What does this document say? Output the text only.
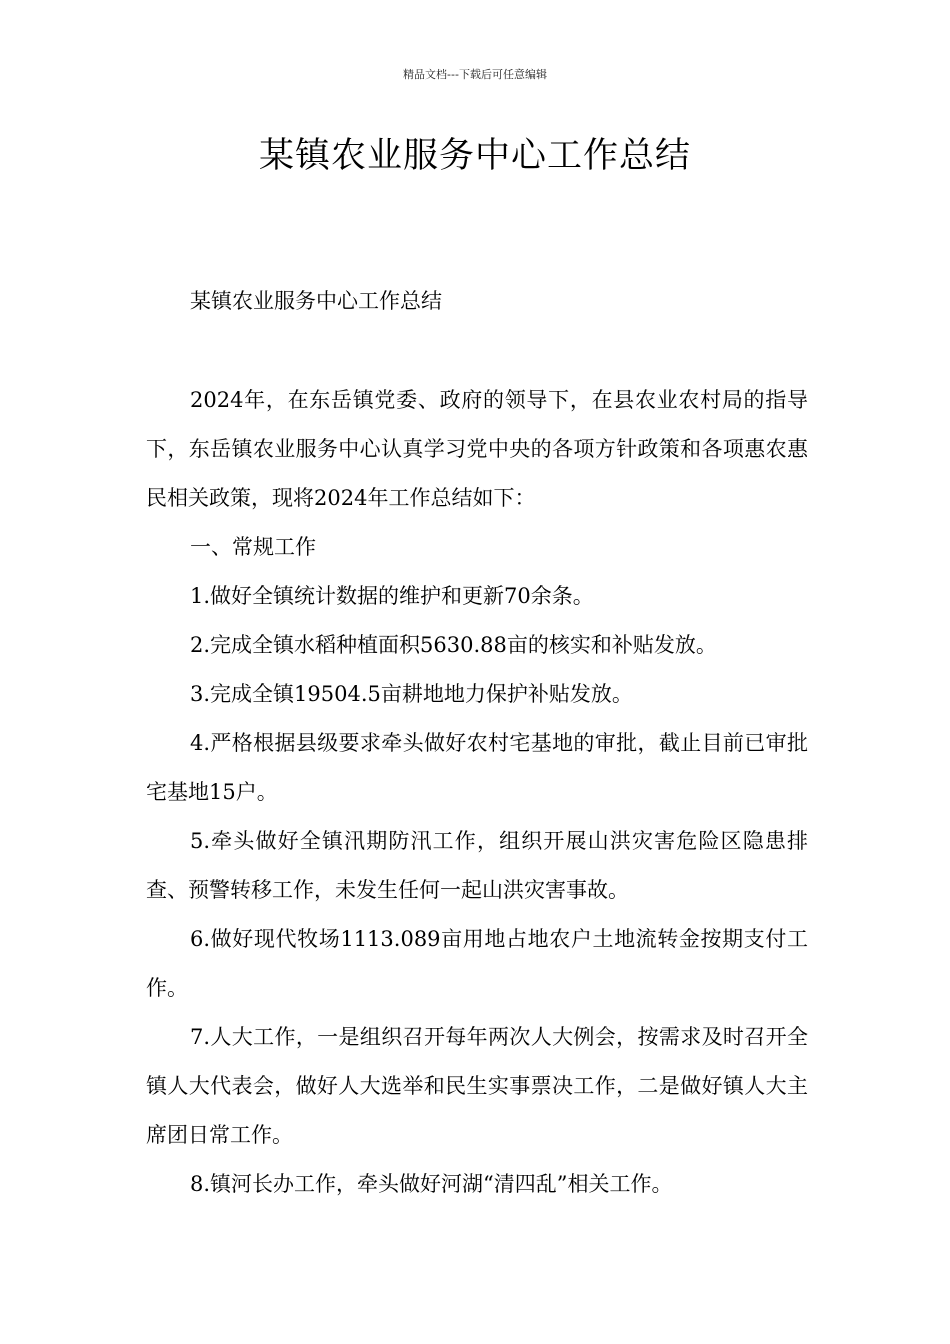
精品文档---下载后可任意编辑
某镇农业服务中心工作总结
某镇农业服务中心工作总结

2024年，在东岳镇党委、政府的领导下，在县农业农村局的指导下，东岳镇农业服务中心认真学习党中央的各项方针政策和各项惠农惠民相关政策，现将2024年工作总结如下：

一、常规工作

1.做好全镇统计数据的维护和更新70余条。

2.完成全镇水稻种植面积5630.88亩的核实和补贴发放。

3.完成全镇19504.5亩耕地地力保护补贴发放。

4.严格根据县级要求牵头做好农村宅基地的审批，截止目前已审批宅基地15户。

5.牵头做好全镇汛期防汛工作，组织开展山洪灾害危险区隐患排查、预警转移工作，未发生任何一起山洪灾害事故。

6.做好现代牧场1113.089亩用地占地农户土地流转金按期支付工作。

7.人大工作，一是组织召开每年两次人大例会，按需求及时召开全镇人大代表会，做好人大选举和民生实事票决工作，二是做好镇人大主席团日常工作。

8.镇河长办工作，牵头做好河湖“清四乱”相关工作。
